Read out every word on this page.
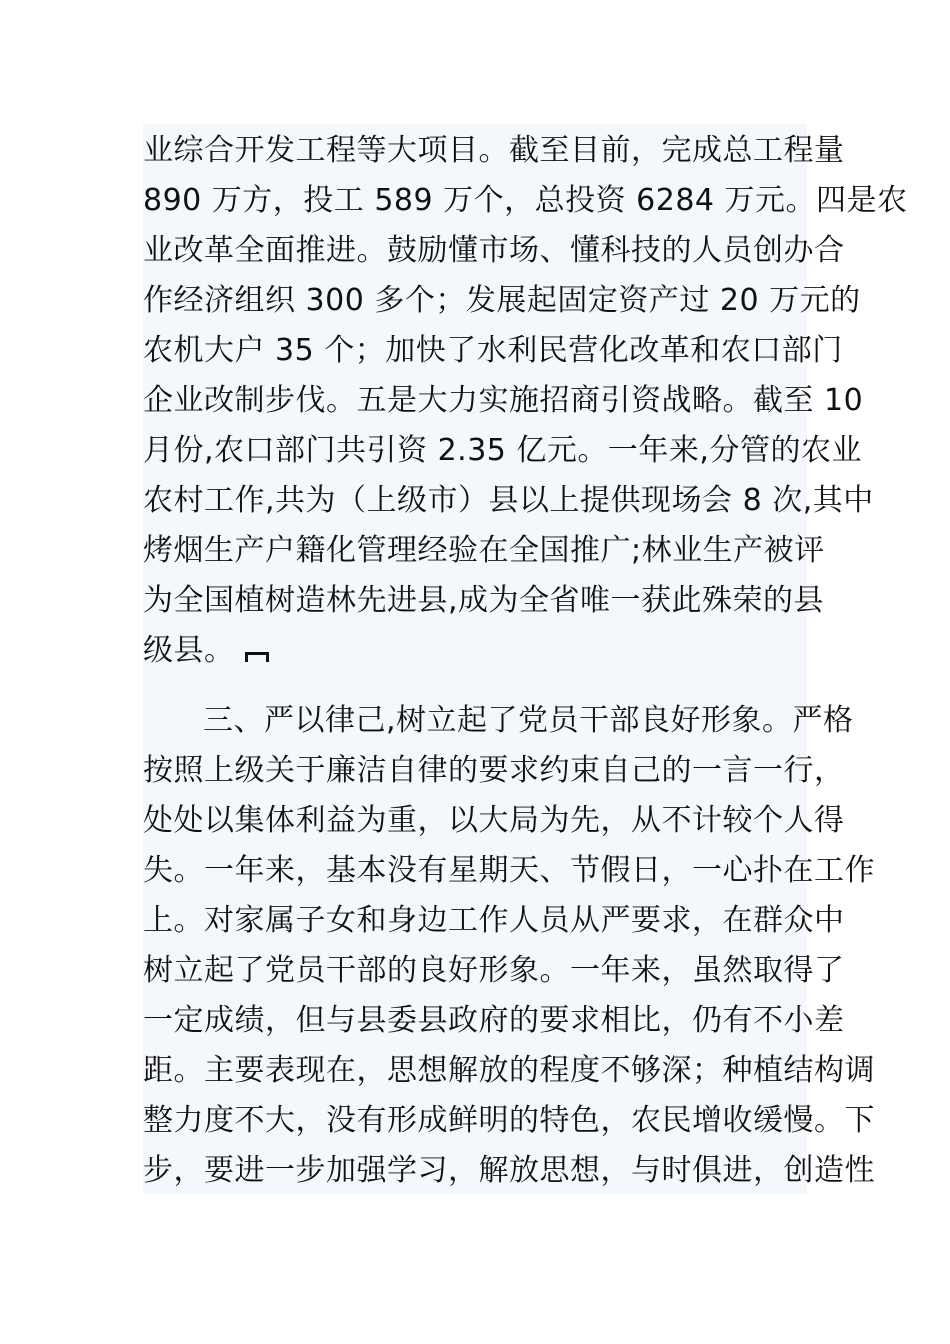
业综合开发工程等大项目。截至目前，完成总工程量
890 万方，投工 589 万个，总投资 6284 万元。四是农
业改革全面推进。鼓励懂市场、懂科技的人员创办合
作经济组织 300 多个；发展起固定资产过 20 万元的
农机大户 35 个；加快了水利民营化改革和农口部门
企业改制步伐。五是大力实施招商引资战略。截至 10
月份,农口部门共引资 2.35 亿元。一年来,分管的农业
农村工作,共为（上级市）县以上提供现场会 8 次,其中
烤烟生产户籍化管理经验在全国推广;林业生产被评
为全国植树造林先进县,成为全省唯一获此殊荣的县
级县。
三、严以律己,树立起了党员干部良好形象。严格
按照上级关于廉洁自律的要求约束自己的一言一行，
处处以集体利益为重，以大局为先，从不计较个人得
失。一年来，基本没有星期天、节假日，一心扑在工作
上。对家属子女和身边工作人员从严要求，在群众中
树立起了党员干部的良好形象。一年来，虽然取得了
一定成绩，但与县委县政府的要求相比，仍有不小差
距。主要表现在，思想解放的程度不够深；种植结构调
整力度不大，没有形成鲜明的特色，农民增收缓慢。下
步，要进一步加强学习，解放思想，与时俱进，创造性
